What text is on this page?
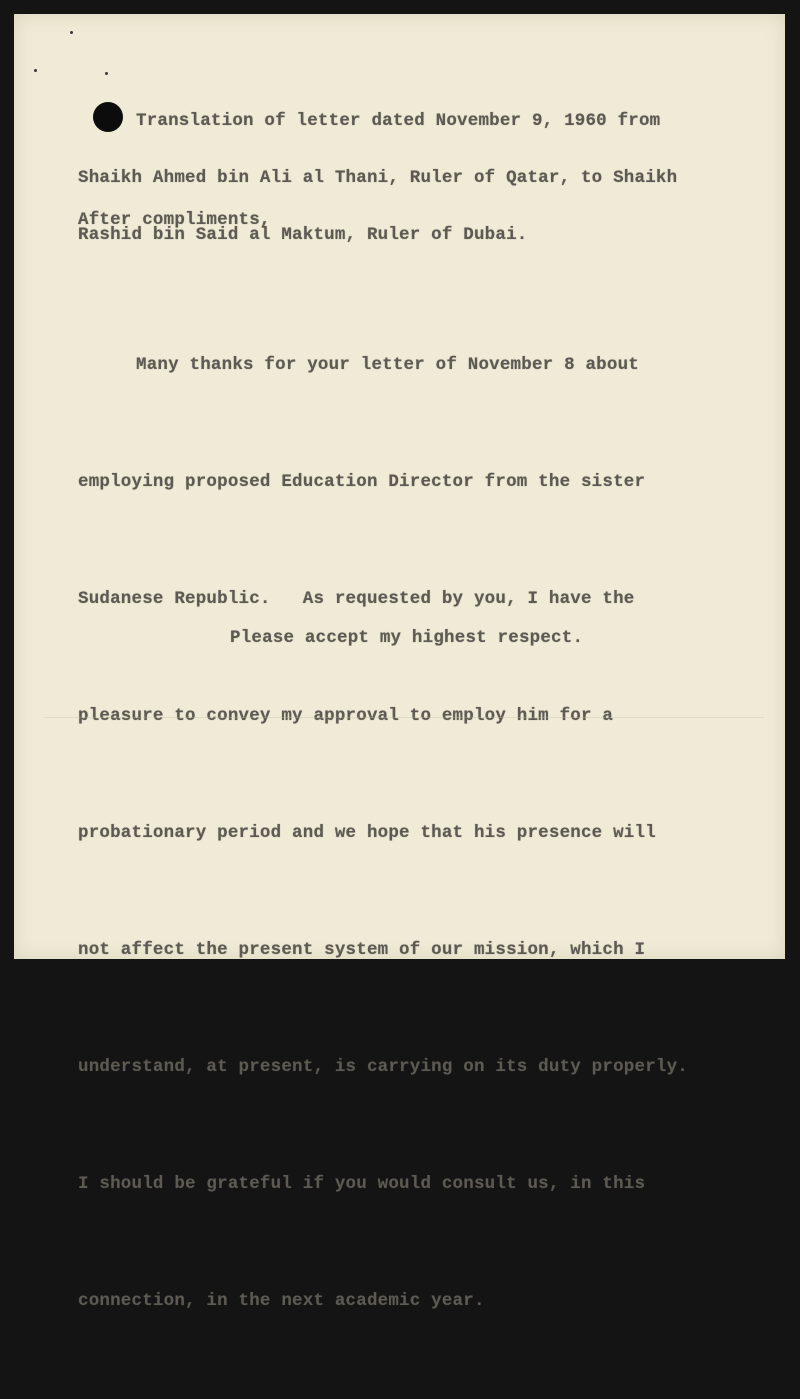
Translation of letter dated November 9, 1960 from

Shaikh Ahmed bin Ali al Thani, Ruler of Qatar, to Shaikh

Rashid bin Said al Maktum, Ruler of Dubai.

After compliments,

Many thanks for your letter of November 8 about

employing proposed Education Director from the sister

Sudanese Republic.   As requested by you, I have the

pleasure to convey my approval to employ him for a

probationary period and we hope that his presence will

not affect the present system of our mission, which I

understand, at present, is carrying on its duty properly.

I should be grateful if you would consult us, in this

connection, in the next academic year.

Please accept my highest respect.
